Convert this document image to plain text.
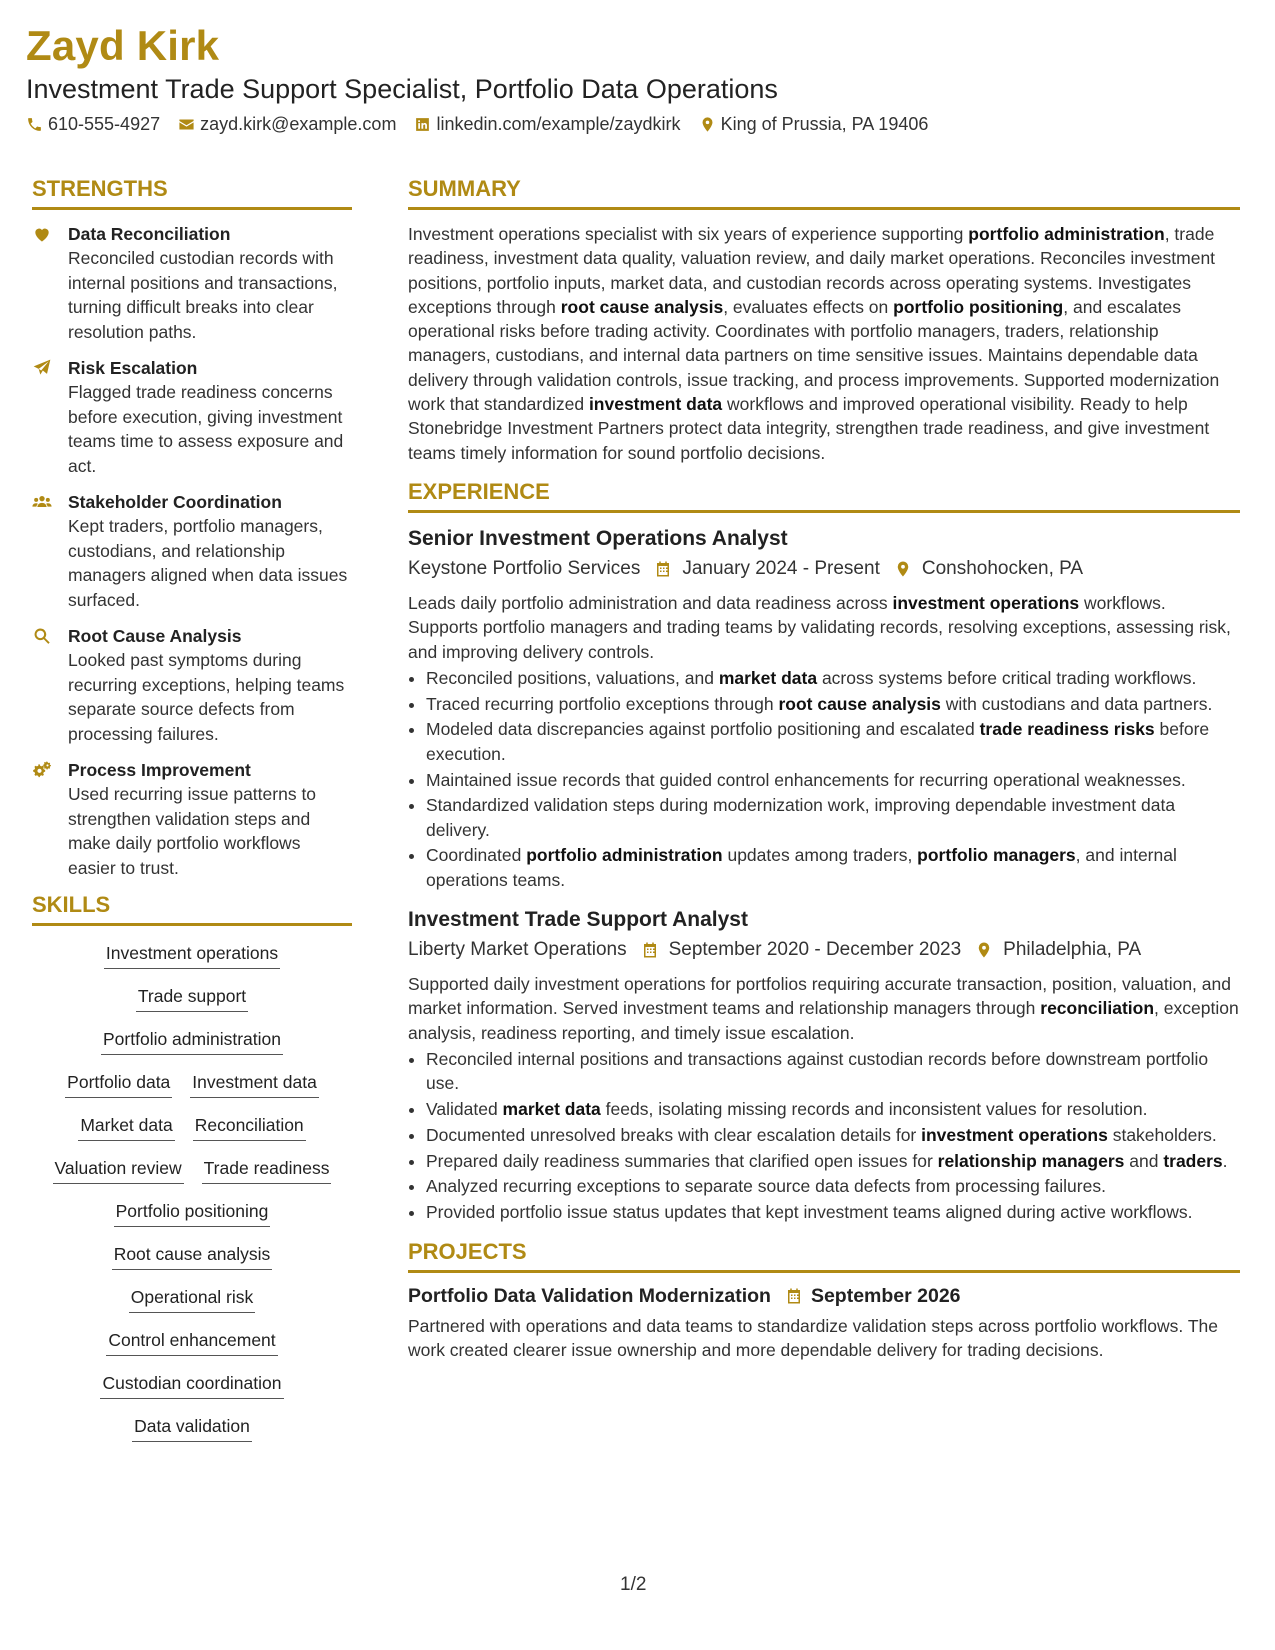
Zayd Kirk
Investment Trade Support Specialist, Portfolio Data Operations
610-555-4927 zayd.kirk@example.com linkedin.com/example/zaydkirk King of Prussia, PA 19406
STRENGTHS
Data Reconciliation
Reconciled custodian records with internal positions and transactions, turning difficult breaks into clear resolution paths.
Risk Escalation
Flagged trade readiness concerns before execution, giving investment teams time to assess exposure and act.
Stakeholder Coordination
Kept traders, portfolio managers, custodians, and relationship managers aligned when data issues surfaced.
Root Cause Analysis
Looked past symptoms during recurring exceptions, helping teams separate source defects from processing failures.
Process Improvement
Used recurring issue patterns to strengthen validation steps and make daily portfolio workflows easier to trust.
SKILLS
Investment operations
Trade support
Portfolio administration
Portfolio data Investment data
Market data Reconciliation
Valuation review Trade readiness
Portfolio positioning
Root cause analysis
Operational risk
Control enhancement
Custodian coordination
Data validation
SUMMARY

Investment operations specialist with six years of experience supporting portfolio administration, trade readiness, investment data quality, valuation review, and daily market operations. Reconciles investment positions, portfolio inputs, market data, and custodian records across operating systems. Investigates exceptions through root cause analysis, evaluates effects on portfolio positioning, and escalates operational risks before trading activity. Coordinates with portfolio managers, traders, relationship managers, custodians, and internal data partners on time sensitive issues. Maintains dependable data delivery through validation controls, issue tracking, and process improvements. Supported modernization work that standardized investment data workflows and improved operational visibility. Ready to help Stonebridge Investment Partners protect data integrity, strengthen trade readiness, and give investment teams timely information for sound portfolio decisions.

EXPERIENCE
Senior Investment Operations Analyst
Keystone Portfolio Services January 2024 - Present Conshohocken, PA

Leads daily portfolio administration and data readiness across investment operations workflows. Supports portfolio managers and trading teams by validating records, resolving exceptions, assessing risk, and improving delivery controls.

• Reconciled positions, valuations, and market data across systems before critical trading workflows.
• Traced recurring portfolio exceptions through root cause analysis with custodians and data partners.
• Modeled data discrepancies against portfolio positioning and escalated trade readiness risks before execution.
• Maintained issue records that guided control enhancements for recurring operational weaknesses.
• Standardized validation steps during modernization work, improving dependable investment data delivery.
• Coordinated portfolio administration updates among traders, portfolio managers, and internal operations teams.
Investment Trade Support Analyst
Liberty Market Operations September 2020 - December 2023 Philadelphia, PA

Supported daily investment operations for portfolios requiring accurate transaction, position, valuation, and market information. Served investment teams and relationship managers through reconciliation, exception analysis, readiness reporting, and timely issue escalation.

• Reconciled internal positions and transactions against custodian records before downstream portfolio use.
• Validated market data feeds, isolating missing records and inconsistent values for resolution.
• Documented unresolved breaks with clear escalation details for investment operations stakeholders.
• Prepared daily readiness summaries that clarified open issues for relationship managers and traders.
• Analyzed recurring exceptions to separate source data defects from processing failures.
• Provided portfolio issue status updates that kept investment teams aligned during active workflows.
PROJECTS
Portfolio Data Validation Modernization September 2026

Partnered with operations and data teams to standardize validation steps across portfolio workflows. The work created clearer issue ownership and more dependable delivery for trading decisions.

1/2
